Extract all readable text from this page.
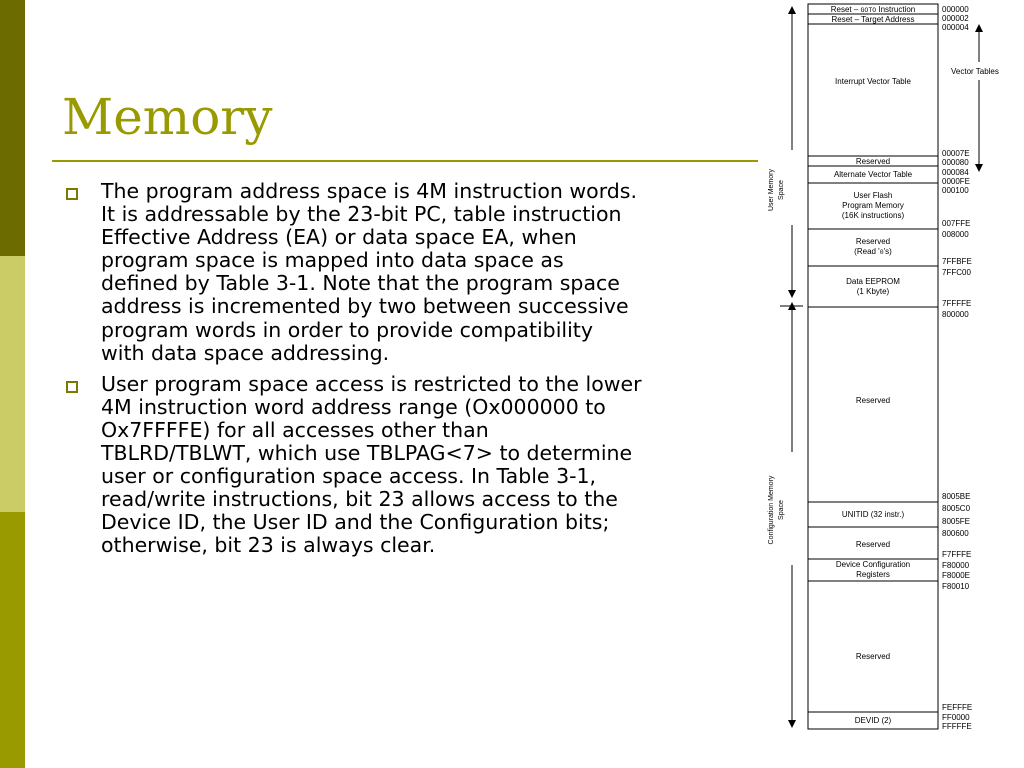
Memory
The program address space is 4M instruction words.
It is addressable by the 23-bit PC, table instruction
Effective Address (EA) or data space EA, when
program space is mapped into data space as
defined by Table 3-1. Note that the program space
address is incremented by two between successive
program words in order to provide compatibility
with data space addressing.
User program space access is restricted to the lower
4M instruction word address range (Ox000000 to
Ox7FFFFE) for all accesses other than
TBLRD/TBLWT, which use TBLPAG<7> to determine
user or configuration space access. In Table 3-1,
read/write instructions, bit 23 allows access to the
Device ID, the User ID and the Configuration bits;
otherwise, bit 23 is always clear.
Reset – GOTO Instruction
Reset – Target Address
Interrupt Vector Table
Reserved
Alternate Vector Table
User Flash
Program Memory
(16K instructions)
Reserved
(Read '0's)
Data EEPROM
(1 Kbyte)
Reserved
UNITID (32 instr.)
Reserved
Device Configuration
Registers
Reserved
DEVID (2)
000000
000002
000004
00007E
000080
000084
0000FE
000100
007FFE
008000
7FFBFE
7FFC00
7FFFFE
800000
8005BE
8005C0
8005FE
800600
F7FFFE
F80000
F8000E
F80010
FEFFFE
FF0000
FFFFFE
Vector Tables
User Memory Space
Configuration Memory Space
